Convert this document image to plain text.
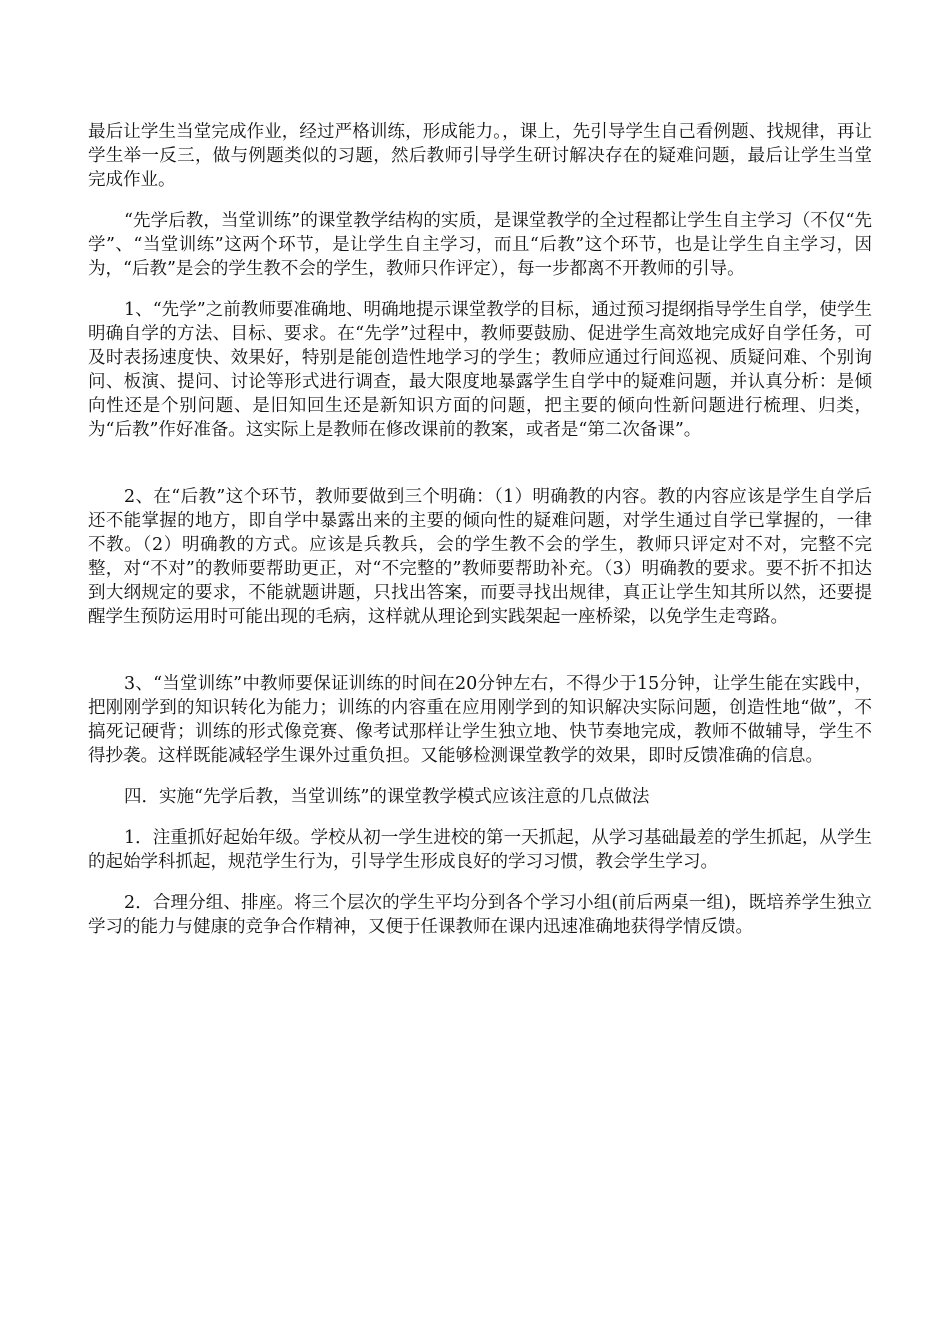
最后让学生当堂完成作业，经过严格训练，形成能力。，课上，先引导学生自己看例题、找规律，再让学生举一反三，做与例题类似的习题，然后教师引导学生研讨解决存在的疑难问题，最后让学生当堂完成作业。

“先学后教，当堂训练”的课堂教学结构的实质，是课堂教学的全过程都让学生自主学习（不仅“先学”、“当堂训练”这两个环节，是让学生自主学习，而且“后教”这个环节，也是让学生自主学习，因为，“后教”是会的学生教不会的学生，教师只作评定），每一步都离不开教师的引导。

1、“先学”之前教师要准确地、明确地提示课堂教学的目标，通过预习提纲指导学生自学，使学生明确自学的方法、目标、要求。在“先学”过程中，教师要鼓励、促进学生高效地完成好自学任务，可及时表扬速度快、效果好，特别是能创造性地学习的学生；教师应通过行间巡视、质疑问难、个别询问、板演、提问、讨论等形式进行调查，最大限度地暴露学生自学中的疑难问题，并认真分析：是倾向性还是个别问题、是旧知回生还是新知识方面的问题，把主要的倾向性新问题进行梳理、归类，为“后教”作好准备。这实际上是教师在修改课前的教案，或者是“第二次备课”。

2、在“后教”这个环节，教师要做到三个明确：（1）明确教的内容。教的内容应该是学生自学后还不能掌握的地方，即自学中暴露出来的主要的倾向性的疑难问题，对学生通过自学已掌握的，一律不教。（2）明确教的方式。应该是兵教兵，会的学生教不会的学生，教师只评定对不对，完整不完整，对“不对”的教师要帮助更正，对“不完整的”教师要帮助补充。（3）明确教的要求。要不折不扣达到大纲规定的要求，不能就题讲题，只找出答案，而要寻找出规律，真正让学生知其所以然，还要提醒学生预防运用时可能出现的毛病，这样就从理论到实践架起一座桥梁，以免学生走弯路。

3、“当堂训练”中教师要保证训练的时间在20分钟左右，不得少于15分钟，让学生能在实践中，把刚刚学到的知识转化为能力；训练的内容重在应用刚学到的知识解决实际问题，创造性地“做”，不搞死记硬背；训练的形式像竞赛、像考试那样让学生独立地、快节奏地完成，教师不做辅导，学生不得抄袭。这样既能减轻学生课外过重负担。又能够检测课堂教学的效果，即时反馈准确的信息。

四．实施“先学后教，当堂训练”的课堂教学模式应该注意的几点做法

1．注重抓好起始年级。学校从初一学生进校的第一天抓起，从学习基础最差的学生抓起，从学生的起始学科抓起，规范学生行为，引导学生形成良好的学习习惯，教会学生学习。

2．合理分组、排座。将三个层次的学生平均分到各个学习小组(前后两桌一组)，既培养学生独立学习的能力与健康的竞争合作精神，又便于任课教师在课内迅速准确地获得学情反馈。
